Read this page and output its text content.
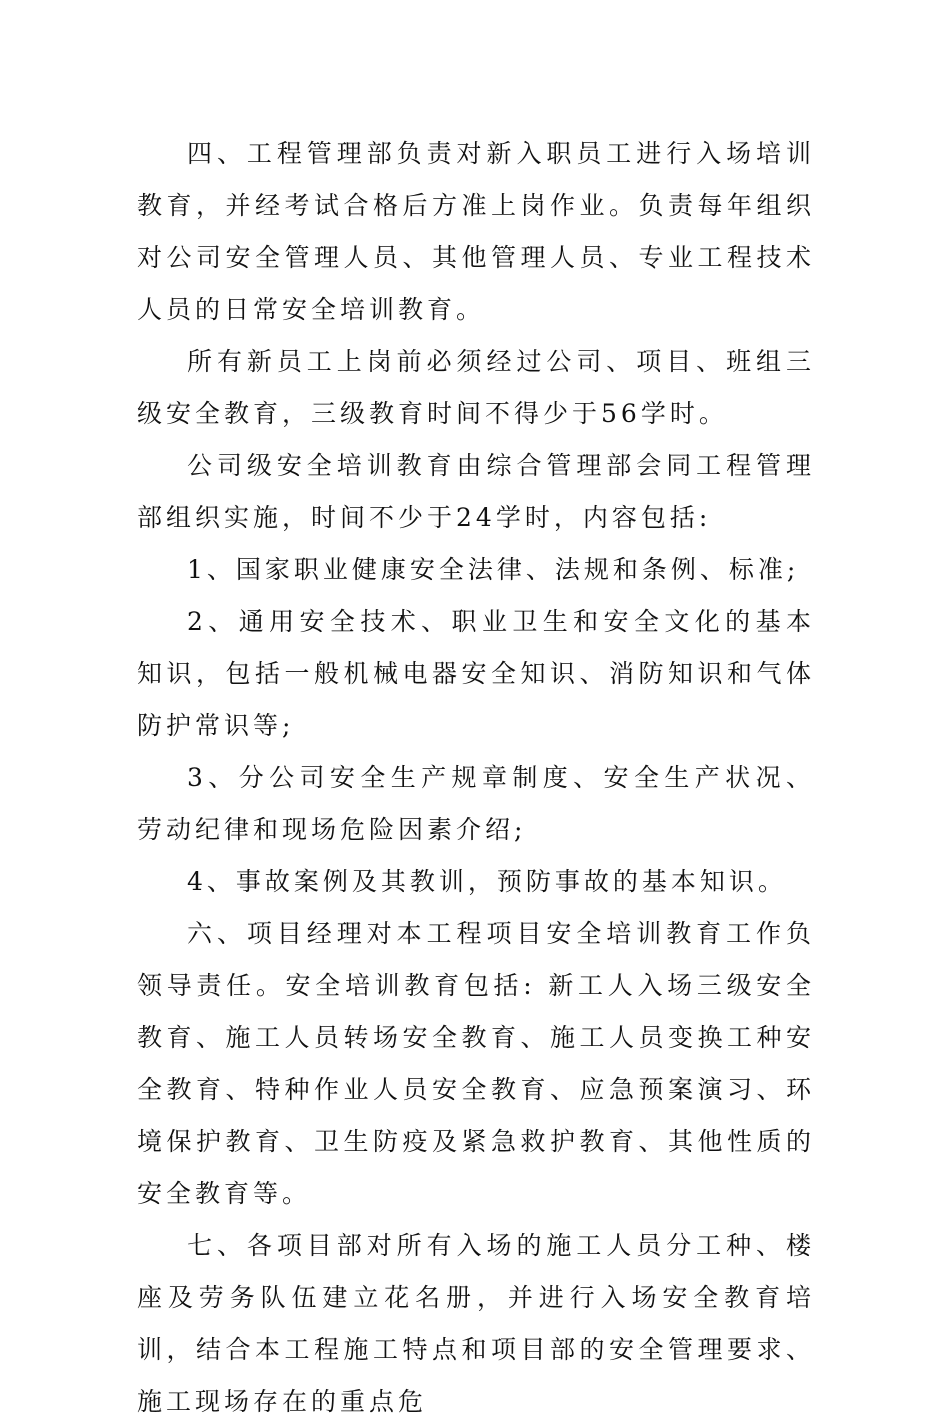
四、工程管理部负责对新入职员工进行入场培训教育，并经考试合格后方准上岗作业。负责每年组织对公司安全管理人员、其他管理人员、专业工程技术人员的日常安全培训教育。

所有新员工上岗前必须经过公司、项目、班组三级安全教育，三级教育时间不得少于56学时。

公司级安全培训教育由综合管理部会同工程管理部组织实施，时间不少于24学时，内容包括:

1、国家职业健康安全法律、法规和条例、标准;

2、通用安全技术、职业卫生和安全文化的基本知识，包括一般机械电器安全知识、消防知识和气体防护常识等;

3、分公司安全生产规章制度、安全生产状况、劳动纪律和现场危险因素介绍;

4、事故案例及其教训，预防事故的基本知识。

六、项目经理对本工程项目安全培训教育工作负领导责任。安全培训教育包括: 新工人入场三级安全教育、施工人员转场安全教育、施工人员变换工种安全教育、特种作业人员安全教育、应急预案演习、环境保护教育、卫生防疫及紧急救护教育、其他性质的安全教育等。

七、各项目部对所有入场的施工人员分工种、楼座及劳务队伍建立花名册，并进行入场安全教育培训，结合本工程施工特点和项目部的安全管理要求、施工现场存在的重点危
